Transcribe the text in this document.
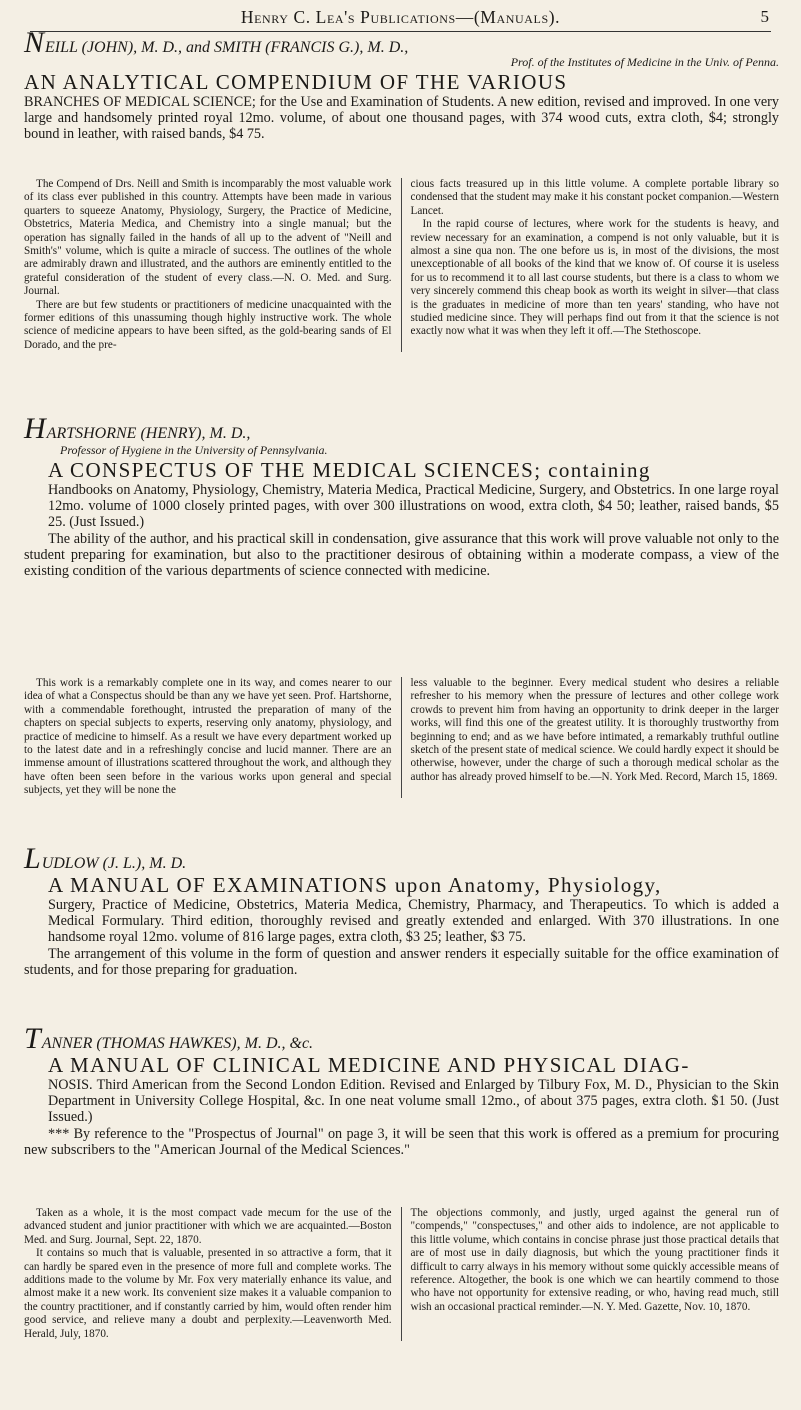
Henry C. Lea's Publications—(Manuals).	5
NEILL (JOHN), M. D., and SMITH (FRANCIS G.), M. D.,
Prof. of the Institutes of Medicine in the Univ. of Penna.
AN ANALYTICAL COMPENDIUM OF THE VARIOUS
BRANCHES OF MEDICAL SCIENCE; for the Use and Examination of Students. A new edition, revised and improved. In one very large and handsomely printed royal 12mo. volume, of about one thousand pages, with 374 wood cuts, extra cloth, $4; strongly bound in leather, with raised bands, $4 75.

The Compend of Drs. Neill and Smith is incomparably the most valuable work of its class ever published in this country. Attempts have been made in various quarters to squeeze Anatomy, Physiology, Surgery, the Practice of Medicine, Obstetrics, Materia Medica, and Chemistry into a single manual; but the operation has signally failed in the hands of all up to the advent of "Neill and Smith's" volume, which is quite a miracle of success. The outlines of the whole are admirably drawn and illustrated, and the authors are eminently entitled to the grateful consideration of the student of every class.—N. O. Med. and Surg. Journal.

There are but few students or practitioners of medicine unacquainted with the former editions of this unassuming though highly instructive work. The whole science of medicine appears to have been sifted, as the gold-bearing sands of El Dorado, and the pre-

cious facts treasured up in this little volume. A complete portable library so condensed that the student may make it his constant pocket companion.—Western Lancet.

In the rapid course of lectures, where work for the students is heavy, and review necessary for an examination, a compend is not only valuable, but it is almost a sine qua non. The one before us is, in most of the divisions, the most unexceptionable of all books of the kind that we know of. Of course it is useless for us to recommend it to all last course students, but there is a class to whom we very sincerely commend this cheap book as worth its weight in silver—that class is the graduates in medicine of more than ten years' standing, who have not studied medicine since. They will perhaps find out from it that the science is not exactly now what it was when they left it off.—The Stethoscope.

HARTSHORNE (HENRY), M. D.,
Professor of Hygiene in the University of Pennsylvania.
A CONSPECTUS OF THE MEDICAL SCIENCES; containing
Handbooks on Anatomy, Physiology, Chemistry, Materia Medica, Practical Medicine, Surgery, and Obstetrics. In one large royal 12mo. volume of 1000 closely printed pages, with over 300 illustrations on wood, extra cloth, $4 50; leather, raised bands, $5 25. (Just Issued.)
The ability of the author, and his practical skill in condensation, give assurance that this work will prove valuable not only to the student preparing for examination, but also to the practitioner desirous of obtaining within a moderate compass, a view of the existing condition of the various departments of science connected with medicine.

This work is a remarkably complete one in its way, and comes nearer to our idea of what a Conspectus should be than any we have yet seen. Prof. Hartshorne, with a commendable forethought, intrusted the preparation of many of the chapters on special subjects to experts, reserving only anatomy, physiology, and practice of medicine to himself. As a result we have every department worked up to the latest date and in a refreshingly concise and lucid manner. There are an immense amount of illustrations scattered throughout the work, and although they have often been seen before in the various works upon general and special subjects, yet they will be none the

less valuable to the beginner. Every medical student who desires a reliable refresher to his memory when the pressure of lectures and other college work crowds to prevent him from having an opportunity to drink deeper in the larger works, will find this one of the greatest utility. It is thoroughly trustworthy from beginning to end; and as we have before intimated, a remarkably truthful outline sketch of the present state of medical science. We could hardly expect it should be otherwise, however, under the charge of such a thorough medical scholar as the author has already proved himself to be.—N. York Med. Record, March 15, 1869.

LUDLOW (J. L.), M. D.
A MANUAL OF EXAMINATIONS upon Anatomy, Physiology,
Surgery, Practice of Medicine, Obstetrics, Materia Medica, Chemistry, Pharmacy, and Therapeutics. To which is added a Medical Formulary. Third edition, thoroughly revised and greatly extended and enlarged. With 370 illustrations. In one handsome royal 12mo. volume of 816 large pages, extra cloth, $3 25; leather, $3 75.
The arrangement of this volume in the form of question and answer renders it especially suitable for the office examination of students, and for those preparing for graduation.
TANNER (THOMAS HAWKES), M. D., &c.
A MANUAL OF CLINICAL MEDICINE AND PHYSICAL DIAG-
NOSIS. Third American from the Second London Edition. Revised and Enlarged by Tilbury Fox, M. D., Physician to the Skin Department in University College Hospital, &c. In one neat volume small 12mo., of about 375 pages, extra cloth. $1 50. (Just Issued.)
*** By reference to the "Prospectus of Journal" on page 3, it will be seen that this work is offered as a premium for procuring new subscribers to the "American Journal of the Medical Sciences."

Taken as a whole, it is the most compact vade mecum for the use of the advanced student and junior practitioner with which we are acquainted.—Boston Med. and Surg. Journal, Sept. 22, 1870.

It contains so much that is valuable, presented in so attractive a form, that it can hardly be spared even in the presence of more full and complete works. The additions made to the volume by Mr. Fox very materially enhance its value, and almost make it a new work. Its convenient size makes it a valuable companion to the country practitioner, and if constantly carried by him, would often render him good service, and relieve many a doubt and perplexity.—Leavenworth Med. Herald, July, 1870.

The objections commonly, and justly, urged against the general run of "compends," "conspectuses," and other aids to indolence, are not applicable to this little volume, which contains in concise phrase just those practical details that are of most use in daily diagnosis, but which the young practitioner finds it difficult to carry always in his memory without some quickly accessible means of reference. Altogether, the book is one which we can heartily commend to those who have not opportunity for extensive reading, or who, having read much, still wish an occasional practical reminder.—N. Y. Med. Gazette, Nov. 10, 1870.
